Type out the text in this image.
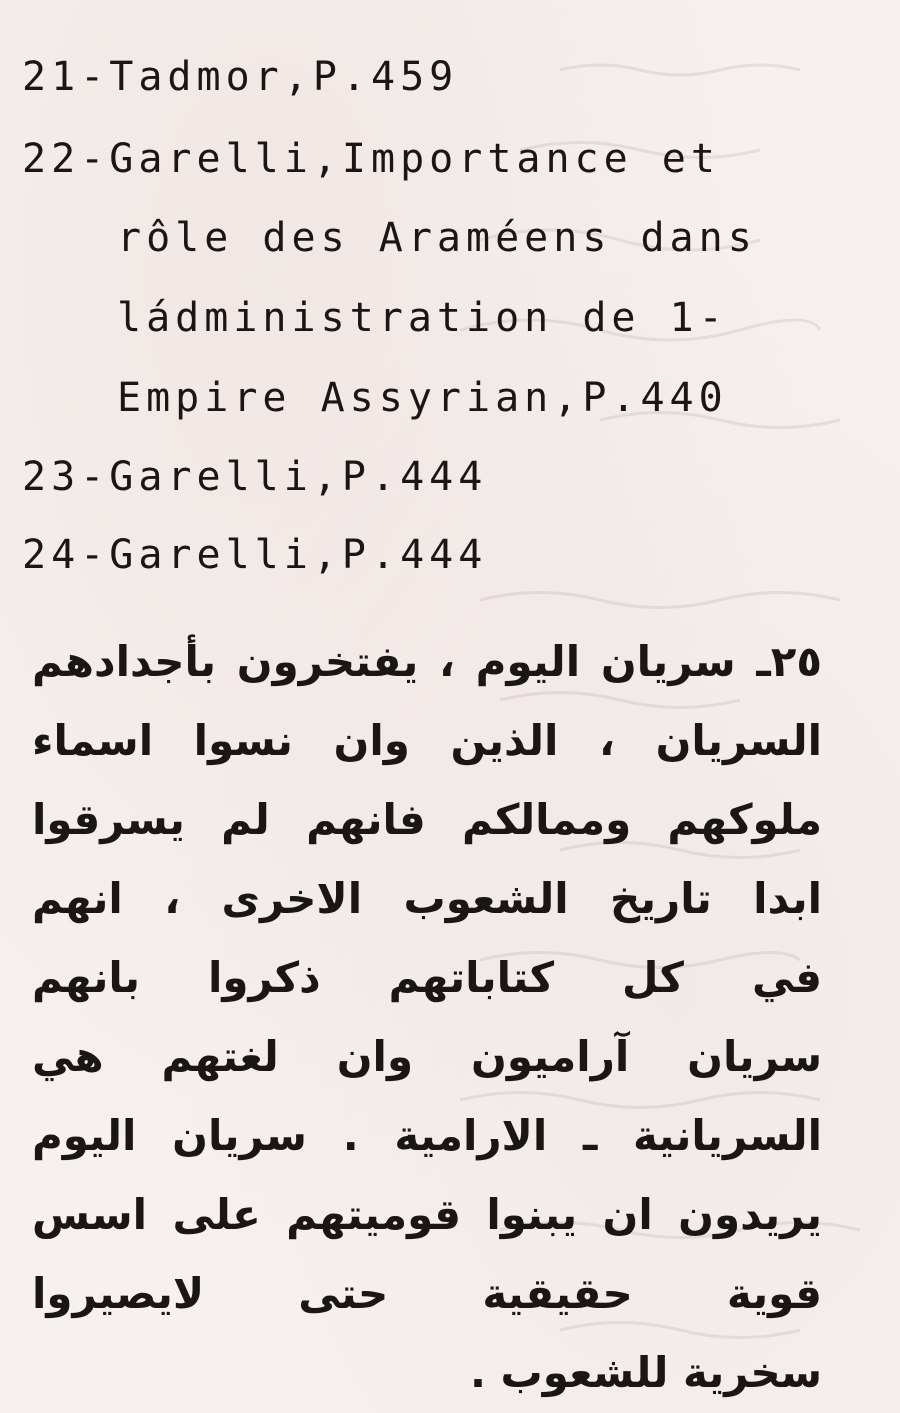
21-Tadmor,P.459
22-Garelli,Importance et
rôle des Araméens dans
ládministration de 1-
Empire Assyrian,P.440
23-Garelli,P.444
24-Garelli,P.444
٢٥ـ سريان اليوم ، يفتخرون بأجدادهم
السريان ، الذين وان نسوا اسماء
ملوكهم وممالكم فانهم لم يسرقوا
ابدا تاريخ الشعوب الاخرى ، انهم
في كل كتاباتهم ذكروا بانهم
سريان آراميون وان لغتهم هي
السريانية ـ الارامية . سريان اليوم
يريدون ان يبنوا قوميتهم على اسس
قوية حقيقية حتى لايصيروا
سخرية للشعوب .
